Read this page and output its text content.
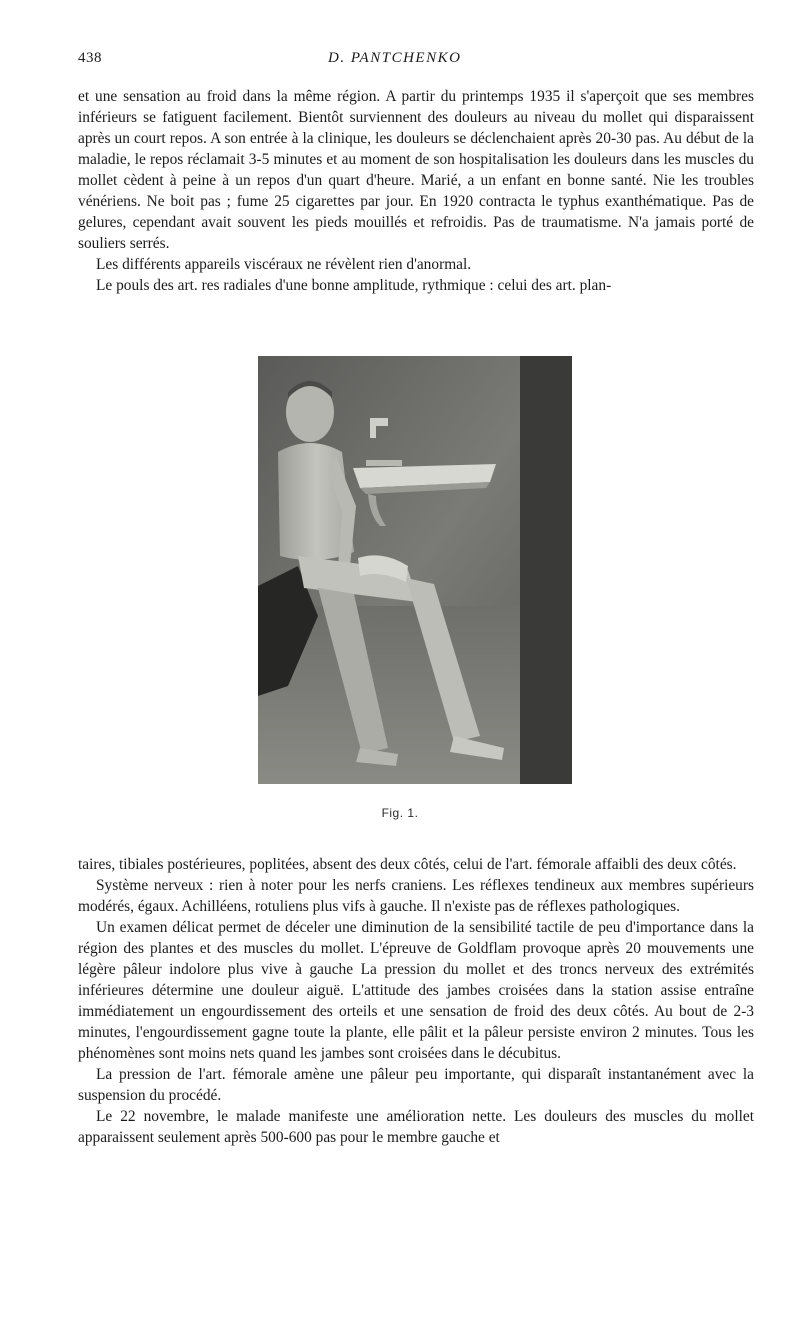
438	D. PANTCHENKO

et une sensation au froid dans la même région. A partir du printemps 1935 il s'aperçoit que ses membres inférieurs se fatiguent facilement. Bientôt surviennent des douleurs au niveau du mollet qui disparaissent après un court repos. A son entrée à la clinique, les douleurs se déclenchaient après 20-30 pas. Au début de la maladie, le repos réclamait 3-5 minutes et au moment de son hospitalisation les douleurs dans les muscles du mollet cèdent à peine à un repos d'un quart d'heure. Marié, a un enfant en bonne santé. Nie les troubles vénériens. Ne boit pas ; fume 25 cigarettes par jour. En 1920 contracta le typhus exanthématique. Pas de gelures, cependant avait souvent les pieds mouillés et refroidis. Pas de traumatisme. N'a jamais porté de souliers serrés.

Les différents appareils viscéraux ne révèlent rien d'anormal.

Le pouls des art. res radiales d'une bonne amplitude, rythmique : celui des art. plan-

Fig. 1.

taires, tibiales postérieures, poplitées, absent des deux côtés, celui de l'art. fémorale affaibli des deux côtés.

Système nerveux : rien à noter pour les nerfs craniens. Les réflexes tendineux aux membres supérieurs modérés, égaux. Achilléens, rotuliens plus vifs à gauche. Il n'existe pas de réflexes pathologiques.

Un examen délicat permet de déceler une diminution de la sensibilité tactile de peu d'importance dans la région des plantes et des muscles du mollet. L'épreuve de Goldflam provoque après 20 mouvements une légère pâleur indolore plus vive à gauche La pression du mollet et des troncs nerveux des extrémités inférieures détermine une douleur aiguë. L'attitude des jambes croisées dans la station assise entraîne immédiatement un engourdissement des orteils et une sensation de froid des deux côtés. Au bout de 2-3 minutes, l'engourdissement gagne toute la plante, elle pâlit et la pâleur persiste environ 2 minutes. Tous les phénomènes sont moins nets quand les jambes sont croisées dans le décubitus.

La pression de l'art. fémorale amène une pâleur peu importante, qui disparaît instantanément avec la suspension du procédé.

Le 22 novembre, le malade manifeste une amélioration nette. Les douleurs des muscles du mollet apparaissent seulement après 500-600 pas pour le membre gauche et
